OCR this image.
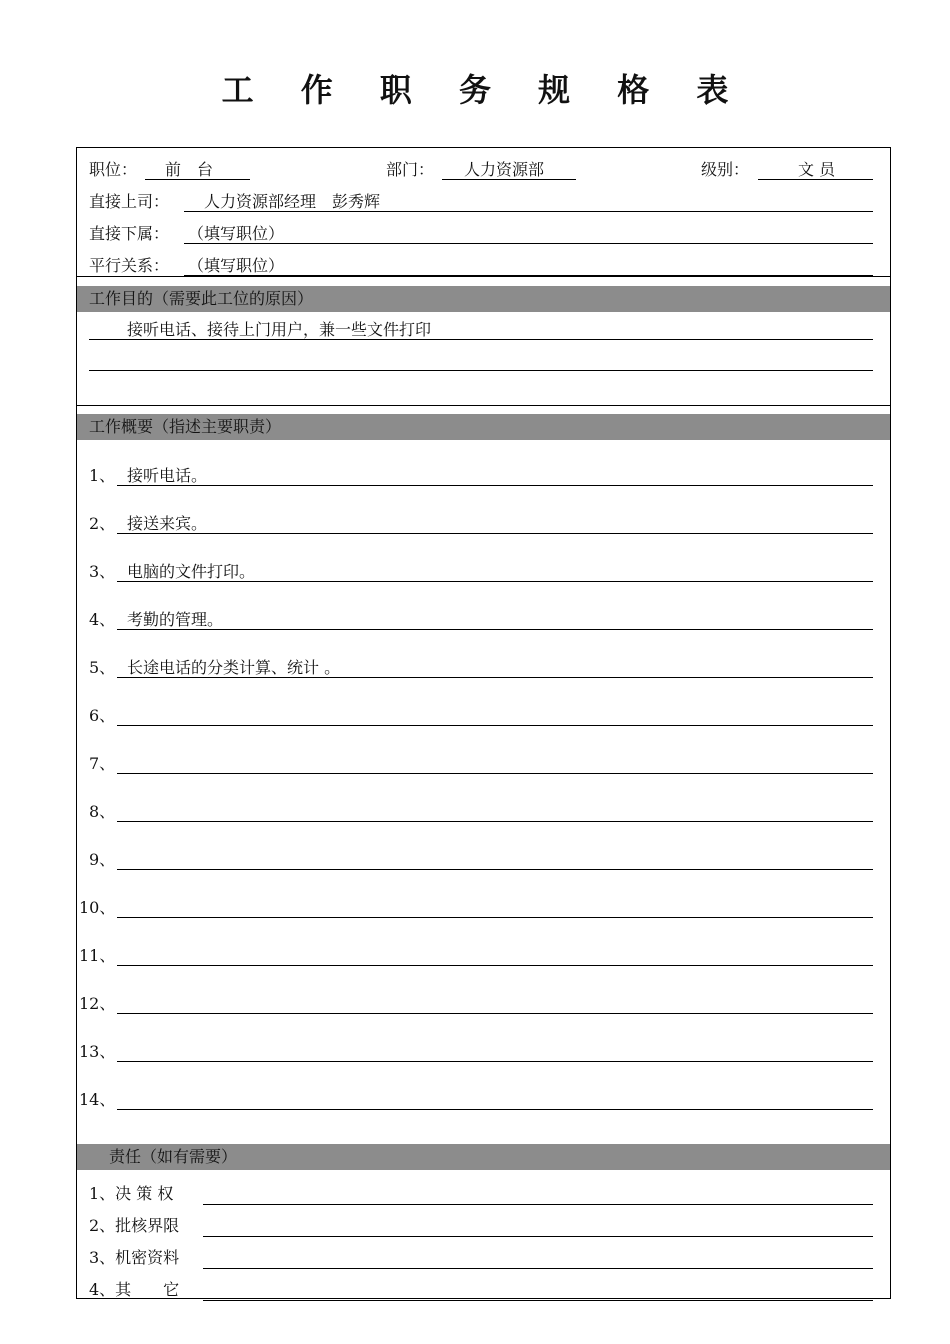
工 作 职 务 规 格 表
职位：	前　台	部门：	人力资源部	级别：	文 员
直接上司：	人力资源部经理　彭秀辉
直接下属： （填写职位）
平行关系： （填写职位）
工作目的（需要此工位的原因）
接听电话、接待上门用户，兼一些文件打印
工作概要（指述主要职责）
1、 接听电话。
2、 接送来宾。
3、 电脑的文件打印。
4、 考勤的管理。
5、 长途电话的分类计算、统计 。
6、
7、
8、
9、
10、
11、
12、
13、
14、
责任（如有需要）
1、决 策 权
2、批核界限
3、机密资料
4、其　　它
